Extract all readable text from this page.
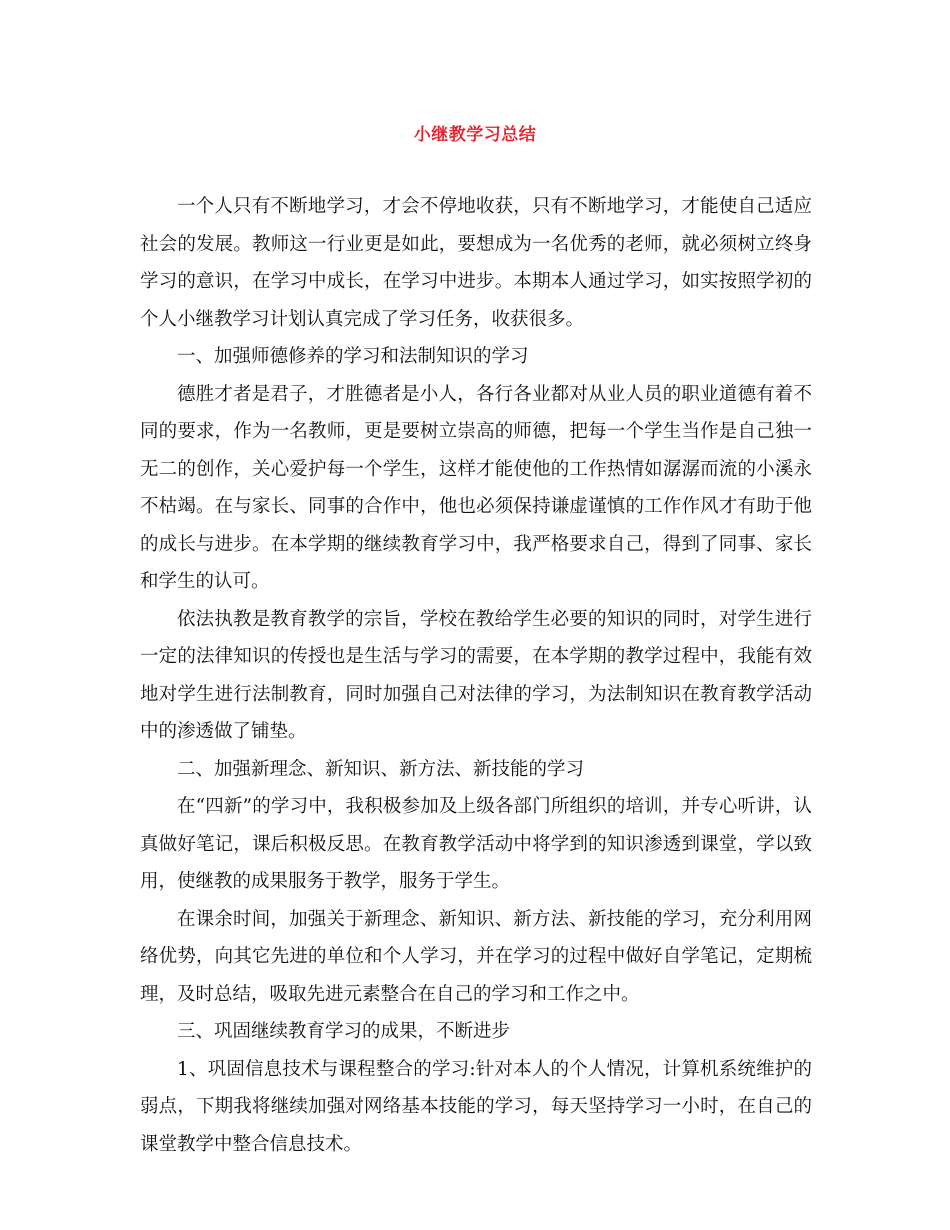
小继教学习总结

一个人只有不断地学习，才会不停地收获，只有不断地学习，才能使自己适应社会的发展。教师这一行业更是如此，要想成为一名优秀的老师，就必须树立终身学习的意识，在学习中成长，在学习中进步。本期本人通过学习，如实按照学初的个人小继教学习计划认真完成了学习任务，收获很多。

一、加强师德修养的学习和法制知识的学习

德胜才者是君子，才胜德者是小人，各行各业都对从业人员的职业道德有着不同的要求，作为一名教师，更是要树立崇高的师德，把每一个学生当作是自己独一无二的创作，关心爱护每一个学生，这样才能使他的工作热情如潺潺而流的小溪永不枯竭。在与家长、同事的合作中，他也必须保持谦虚谨慎的工作作风才有助于他的成长与进步。在本学期的继续教育学习中，我严格要求自己，得到了同事、家长和学生的认可。

依法执教是教育教学的宗旨，学校在教给学生必要的知识的同时，对学生进行一定的法律知识的传授也是生活与学习的需要，在本学期的教学过程中，我能有效地对学生进行法制教育，同时加强自己对法律的学习，为法制知识在教育教学活动中的渗透做了铺垫。

二、加强新理念、新知识、新方法、新技能的学习

在“四新”的学习中，我积极参加及上级各部门所组织的培训，并专心听讲，认真做好笔记，课后积极反思。在教育教学活动中将学到的知识渗透到课堂，学以致用，使继教的成果服务于教学，服务于学生。

在课余时间，加强关于新理念、新知识、新方法、新技能的学习，充分利用网络优势，向其它先进的单位和个人学习，并在学习的过程中做好自学笔记，定期梳理，及时总结，吸取先进元素整合在自己的学习和工作之中。

三、巩固继续教育学习的成果，不断进步

1、巩固信息技术与课程整合的学习:针对本人的个人情况，计算机系统维护的弱点，下期我将继续加强对网络基本技能的学习，每天坚持学习一小时，在自己的课堂教学中整合信息技术。
